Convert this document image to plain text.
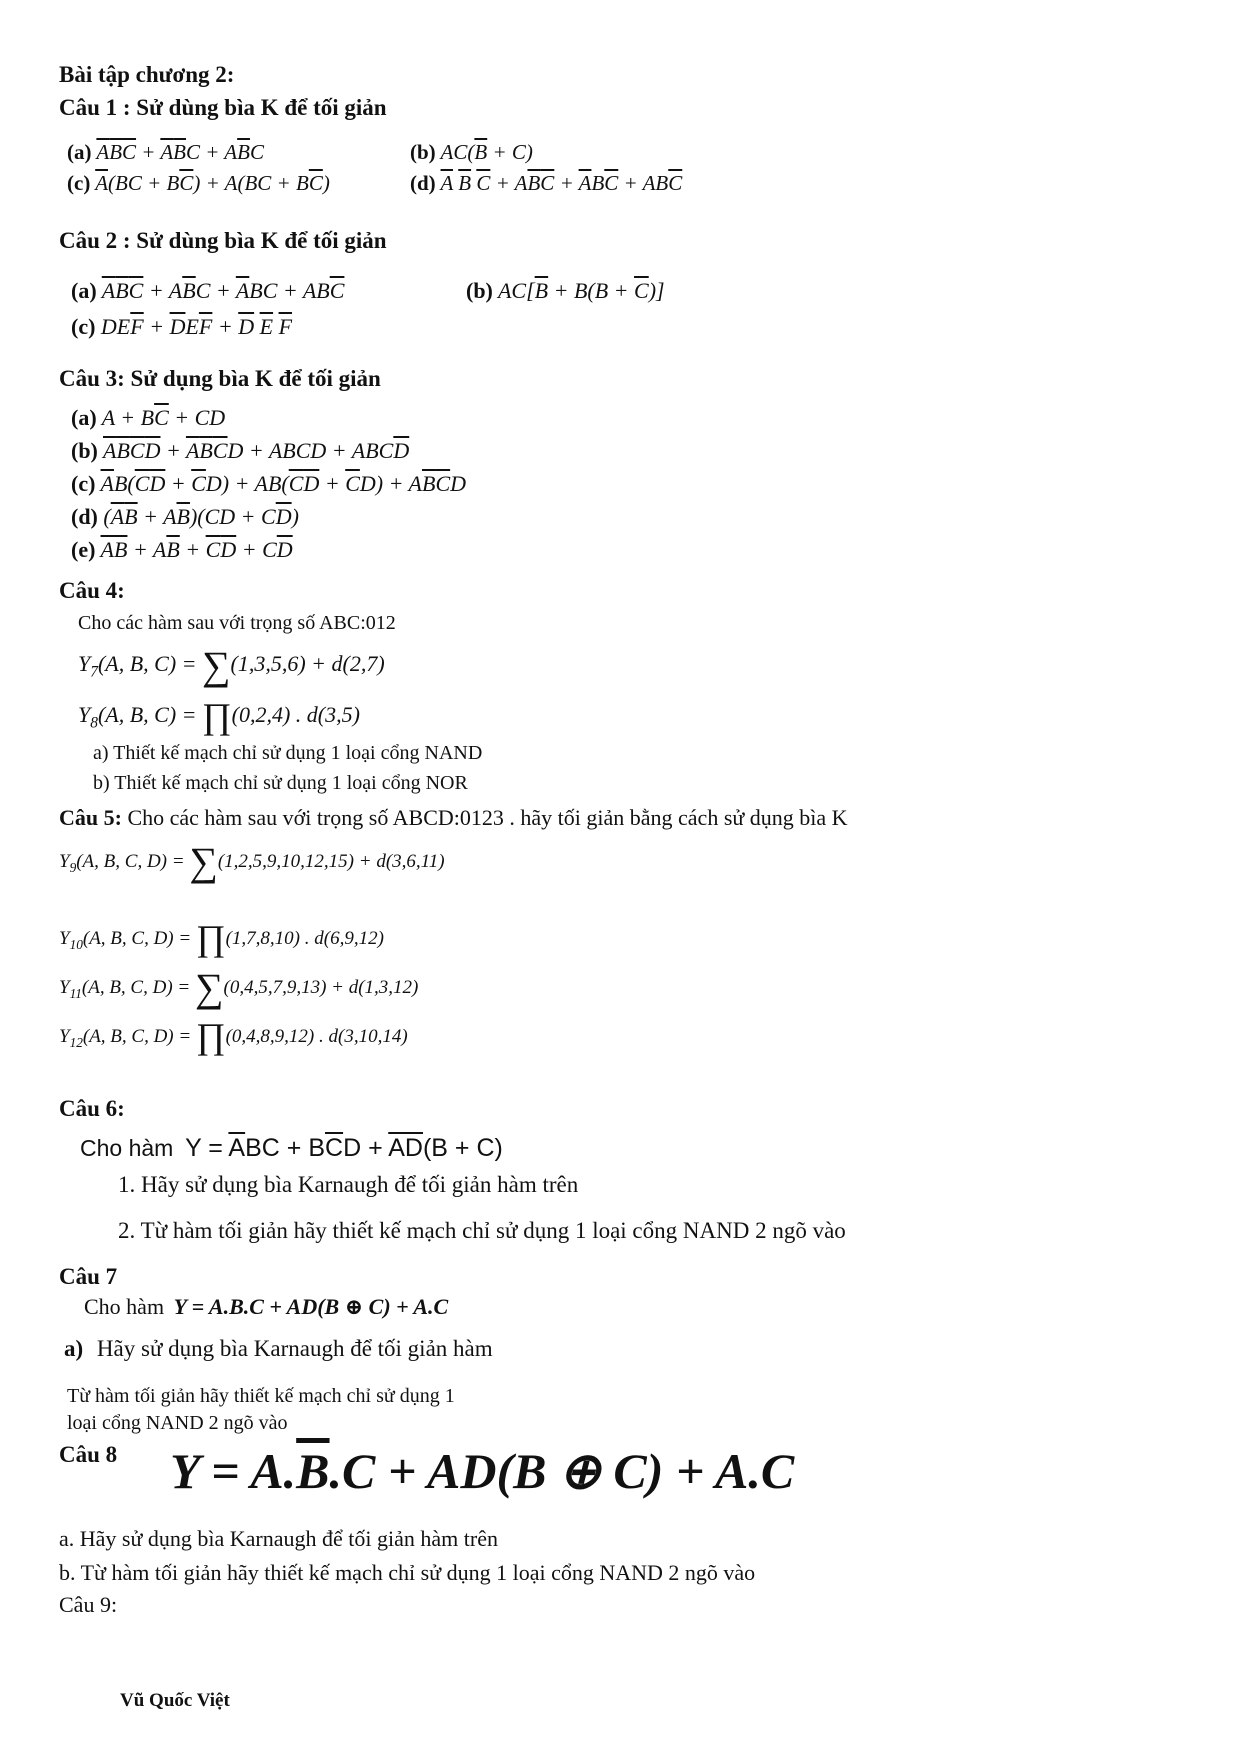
Bài tập chương 2:
Câu 1 : Sử dùng bìa K để tối giản
(a) $\overline{A}\overline{B}\overline{C} + \overline{A}\overline{B}C + A\overline{B}C$	(b) $AC(\overline{B} + C)$
(c) $\overline{A}(BC + B\overline{C}) + A(BC + B\overline{C})$	(d) $\overline{A}$ $\overline{B}$ $\overline{C} + A\overline{B}\overline{C} + \overline{A}B\overline{C} + AB\overline{C}$
Câu 2 : Sử dùng bìa K để tối giản
(a) $\overline{A}\overline{B}\overline{C} + A\overline{B}C + \overline{A}BC + AB\overline{C}$	(b) $AC[\overline{B} + B(B + \overline{C})]$
(c) $DE\overline{F} + \overline{D}E\overline{F} + \overline{D}$ $\overline{E}$ $\overline{F}$
Câu 3: Sử dụng bìa K để tối giản
(a) $A + B\overline{C}$ + CD
(b) $\overline{A}\overline{B}\overline{C}\overline{D} + \overline{A}\overline{B}\overline{C}D$ + ABCD + $ABC\overline{D}$
(c) $\overline{A}B(\overline{C}\overline{D} + \overline{C}D) + AB(\overline{C}\overline{D} + \overline{C}D) + A\overline{B}\overline{C}D$
(d) $(\overline{A}\overline{B} + A\overline{B})(CD + C\overline{D})$
(e) $\overline{A}\overline{B} + A\overline{B} + \overline{C}\overline{D} + C\overline{D}$
Câu 4:
Cho các hàm sau với trọng số ABC:012
$Y_7(A$, B, C) = ∑(1,3,5,6) + d(2,7)
$Y_8(A$, B, C) = ∏(0,2,4) . d(3,5)
a) Thiết kế mạch chỉ sử dụng 1 loại cổng NAND
b) Thiết kế mạch chỉ sử dụng 1 loại cổng NOR
Câu 5: Cho các hàm sau với trọng số ABCD:0123 . hãy tối giản bằng cách sử dụng bìa K
$Y_9(A$, B, C, D) = ∑(1,2,5,9,10,12,15) + d(3,6,11)
$Y_{10}(A$, B, C, D) = ∏(1,7,8,10) . d(6,9,12)
$Y_{11}(A$, B, C, D) = ∑(0,4,5,7,9,13) + d(1,3,12)
$Y_{12}(A$, B, C, D) = ∏(0,4,8,9,12) . d(3,10,14)
Câu 6:
Cho hàm $Y = \overline{A}BC + B\overline{C}D + \overline{AD}(B + C)$
1. Hãy sử dụng bìa Karnaugh để tối giản hàm trên
2. Từ hàm tối giản hãy thiết kế mạch chỉ sử dụng 1 loại cổng NAND 2 ngõ vào
Câu 7
Cho hàm Y = A.B.C + AD(B ⊕ C) + A.C
a) Hãy sử dụng bìa Karnaugh để tối giản hàm
Từ hàm tối giản hãy thiết kế mạch chỉ sử dụng 1
loại cổng NAND 2 ngõ vào
Câu 8 $Y = A.\overline{B}.C + AD(B$ ⊕ C) + A.C
a. Hãy sử dụng bìa Karnaugh để tối giản hàm trên
b. Từ hàm tối giản hãy thiết kế mạch chỉ sử dụng 1 loại cổng NAND 2 ngõ vào
Câu 9:
Vũ Quốc Việt
